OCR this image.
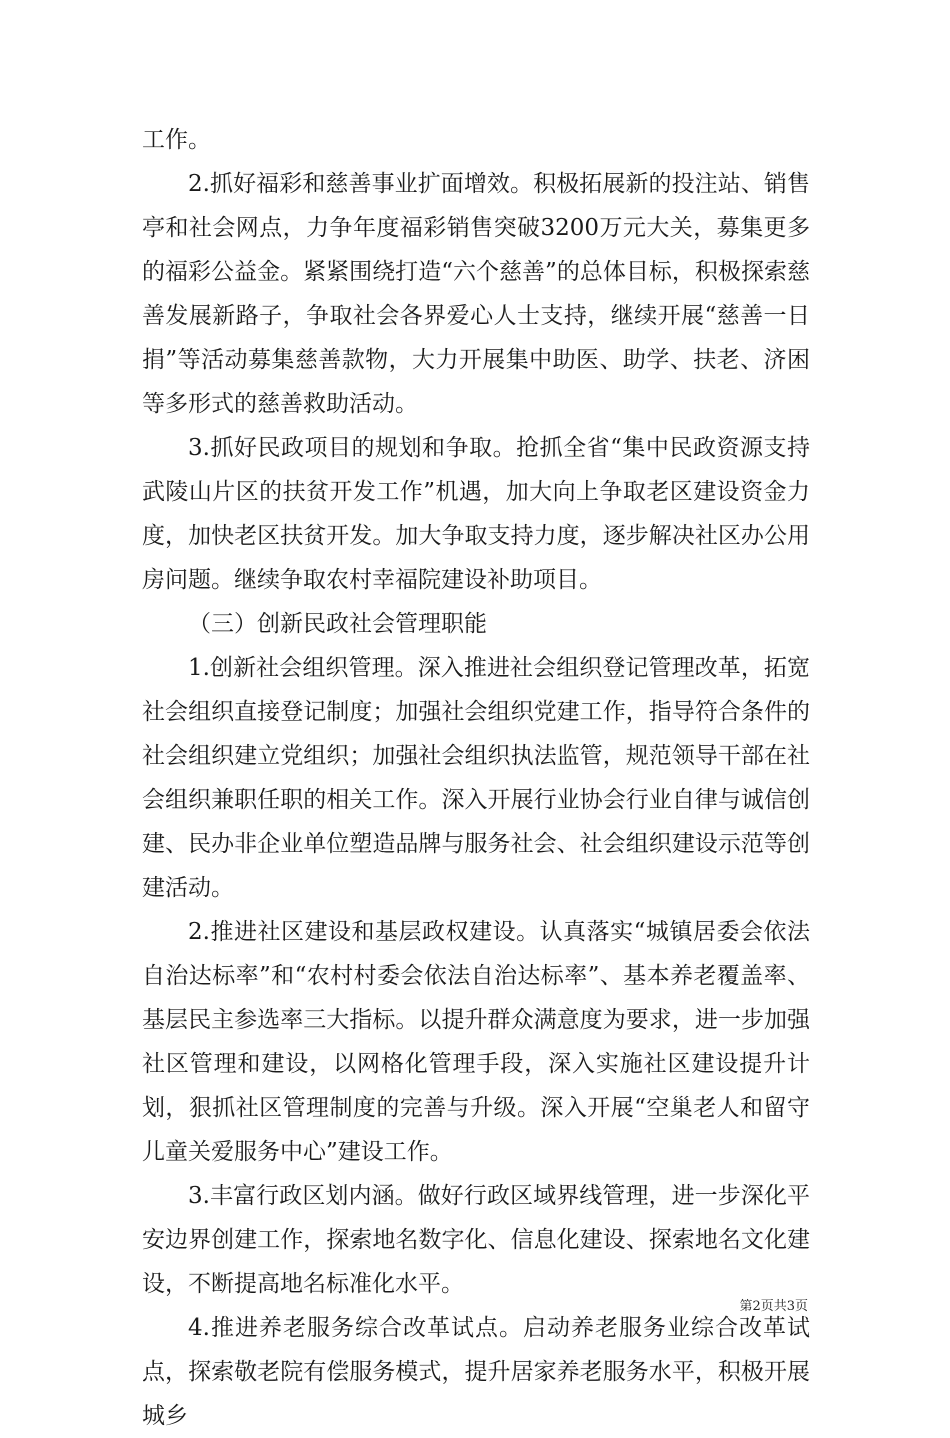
工作。

2.抓好福彩和慈善事业扩面增效。积极拓展新的投注站、销售亭和社会网点，力争年度福彩销售突破3200万元大关，募集更多的福彩公益金。紧紧围绕打造“六个慈善”的总体目标，积极探索慈善发展新路子，争取社会各界爱心人士支持，继续开展“慈善一日捐”等活动募集慈善款物，大力开展集中助医、助学、扶老、济困等多形式的慈善救助活动。

3.抓好民政项目的规划和争取。抢抓全省“集中民政资源支持武陵山片区的扶贫开发工作”机遇，加大向上争取老区建设资金力度，加快老区扶贫开发。加大争取支持力度，逐步解决社区办公用房问题。继续争取农村幸福院建设补助项目。

（三）创新民政社会管理职能

1.创新社会组织管理。深入推进社会组织登记管理改革，拓宽社会组织直接登记制度；加强社会组织党建工作，指导符合条件的社会组织建立党组织；加强社会组织执法监管，规范领导干部在社会组织兼职任职的相关工作。深入开展行业协会行业自律与诚信创建、民办非企业单位塑造品牌与服务社会、社会组织建设示范等创建活动。

2.推进社区建设和基层政权建设。认真落实“城镇居委会依法自治达标率”和“农村村委会依法自治达标率”、基本养老覆盖率、基层民主参选率三大指标。以提升群众满意度为要求，进一步加强社区管理和建设，以网格化管理手段，深入实施社区建设提升计划，狠抓社区管理制度的完善与升级。深入开展“空巢老人和留守儿童关爱服务中心”建设工作。

3.丰富行政区划内涵。做好行政区域界线管理，进一步深化平安边界创建工作，探索地名数字化、信息化建设、探索地名文化建设，不断提高地名标准化水平。

4.推进养老服务综合改革试点。启动养老服务业综合改革试点，探索敬老院有偿服务模式，提升居家养老服务水平，积极开展城乡

第2页共3页
